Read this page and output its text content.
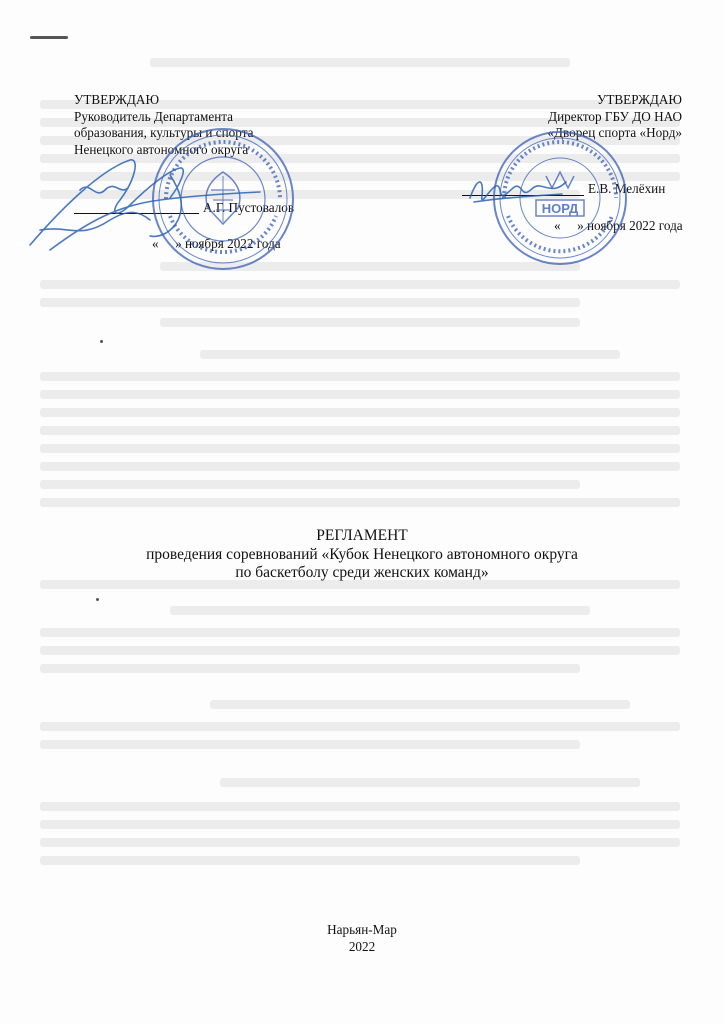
УТВЕРЖДАЮ
Руководитель Департамента
образования, культуры и спорта
Ненецкого автономного округа
А.Г. Пустовалов
«     » ноября 2022 года
УТВЕРЖДАЮ
Директор ГБУ ДО НАО
«Дворец спорта «Норд»
Е.В. Мелёхин
«     » ноября 2022 года
НОРД
РЕГЛАМЕНТ
проведения соревнований «Кубок Ненецкого автономного округа
по баскетболу среди женских команд»
Нарьян-Мар
2022
